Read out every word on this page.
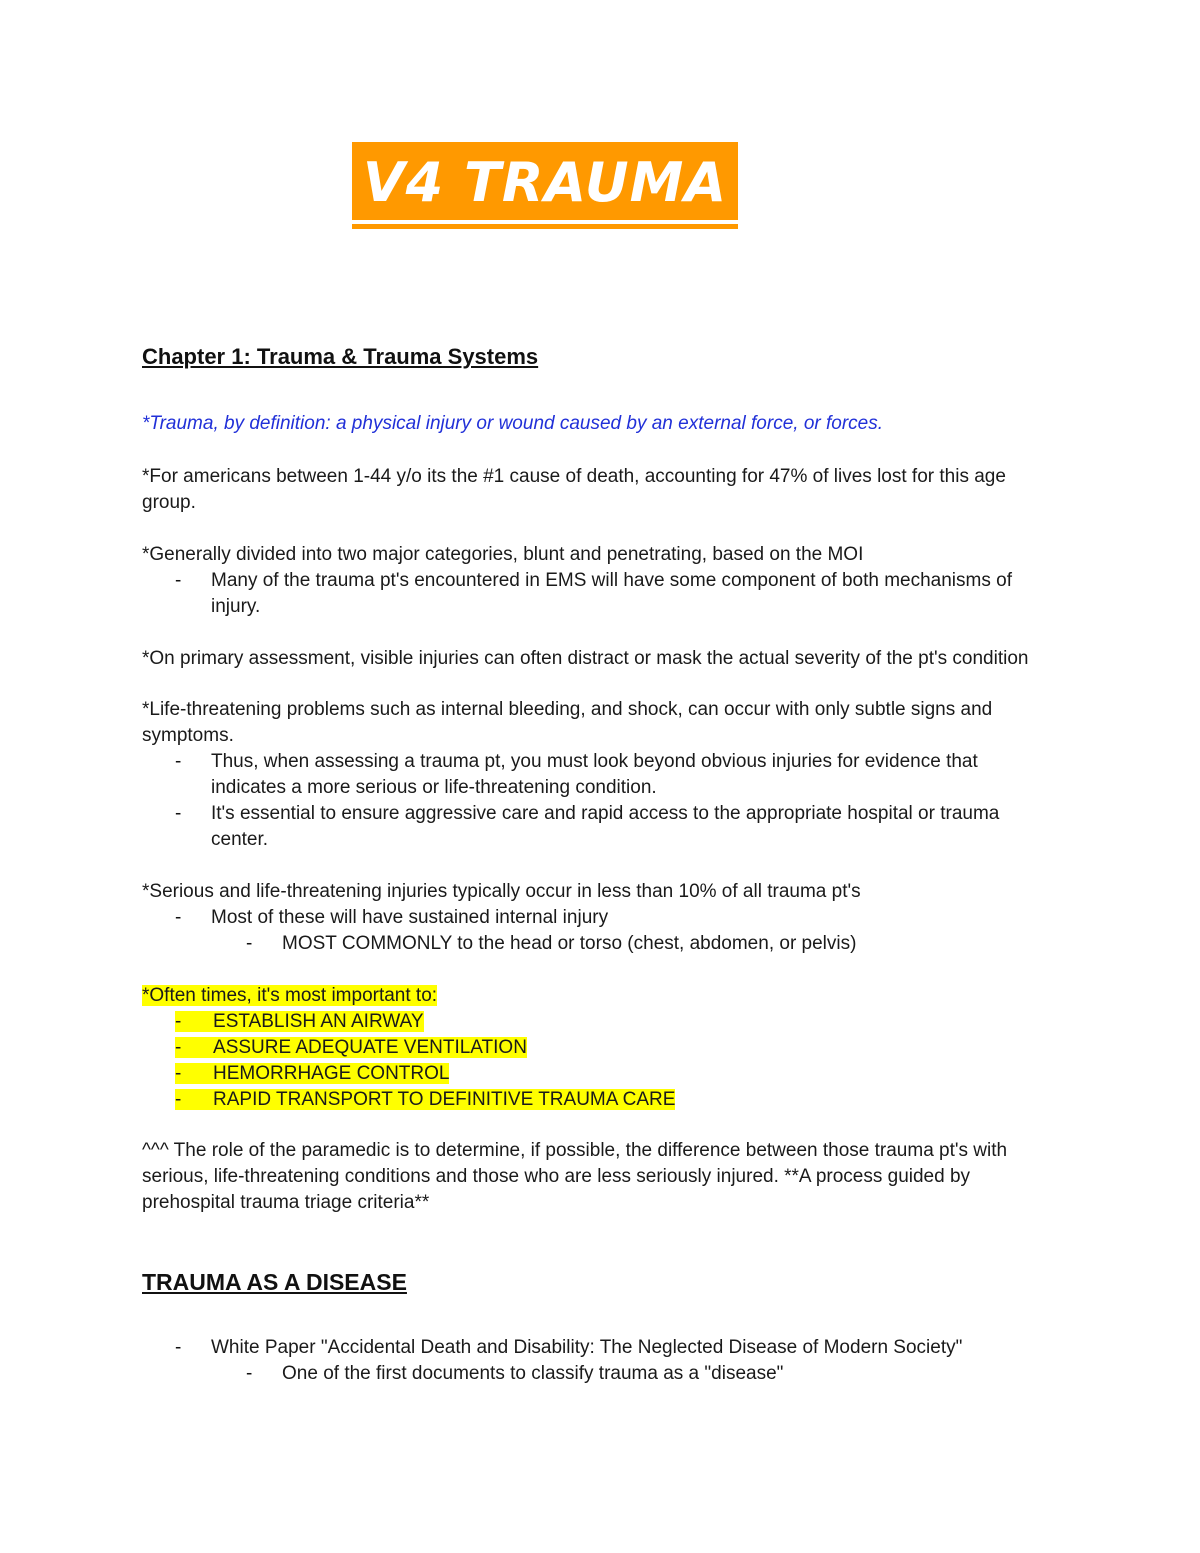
V4 TRAUMA
Chapter 1: Trauma & Trauma Systems
*Trauma, by definition: a physical injury or wound caused by an external force, or forces.
*For americans between 1-44 y/o its the #1 cause of death, accounting for 47% of lives lost for this age
group.
*Generally divided into two major categories, blunt and penetrating, based on the MOI
- Many of the trauma pt's encountered in EMS will have some component of both mechanisms of
injury.
*On primary assessment, visible injuries can often distract or mask the actual severity of the pt's condition
*Life-threatening problems such as internal bleeding, and shock, can occur with only subtle signs and
symptoms.
- Thus, when assessing a trauma pt, you must look beyond obvious injuries for evidence that
indicates a more serious or life-threatening condition.
- It's essential to ensure aggressive care and rapid access to the appropriate hospital or trauma
center.
*Serious and life-threatening injuries typically occur in less than 10% of all trauma pt's
- Most of these will have sustained internal injury
- MOST COMMONLY to the head or torso (chest, abdomen, or pelvis)
*Often times, it's most important to:
- ESTABLISH AN AIRWAY
- ASSURE ADEQUATE VENTILATION
- HEMORRHAGE CONTROL
- RAPID TRANSPORT TO DEFINITIVE TRAUMA CARE
^^^ The role of the paramedic is to determine, if possible, the difference between those trauma pt's with
serious, life-threatening conditions and those who are less seriously injured. **A process guided by
prehospital trauma triage criteria**
TRAUMA AS A DISEASE
- White Paper "Accidental Death and Disability: The Neglected Disease of Modern Society"
- One of the first documents to classify trauma as a "disease"
